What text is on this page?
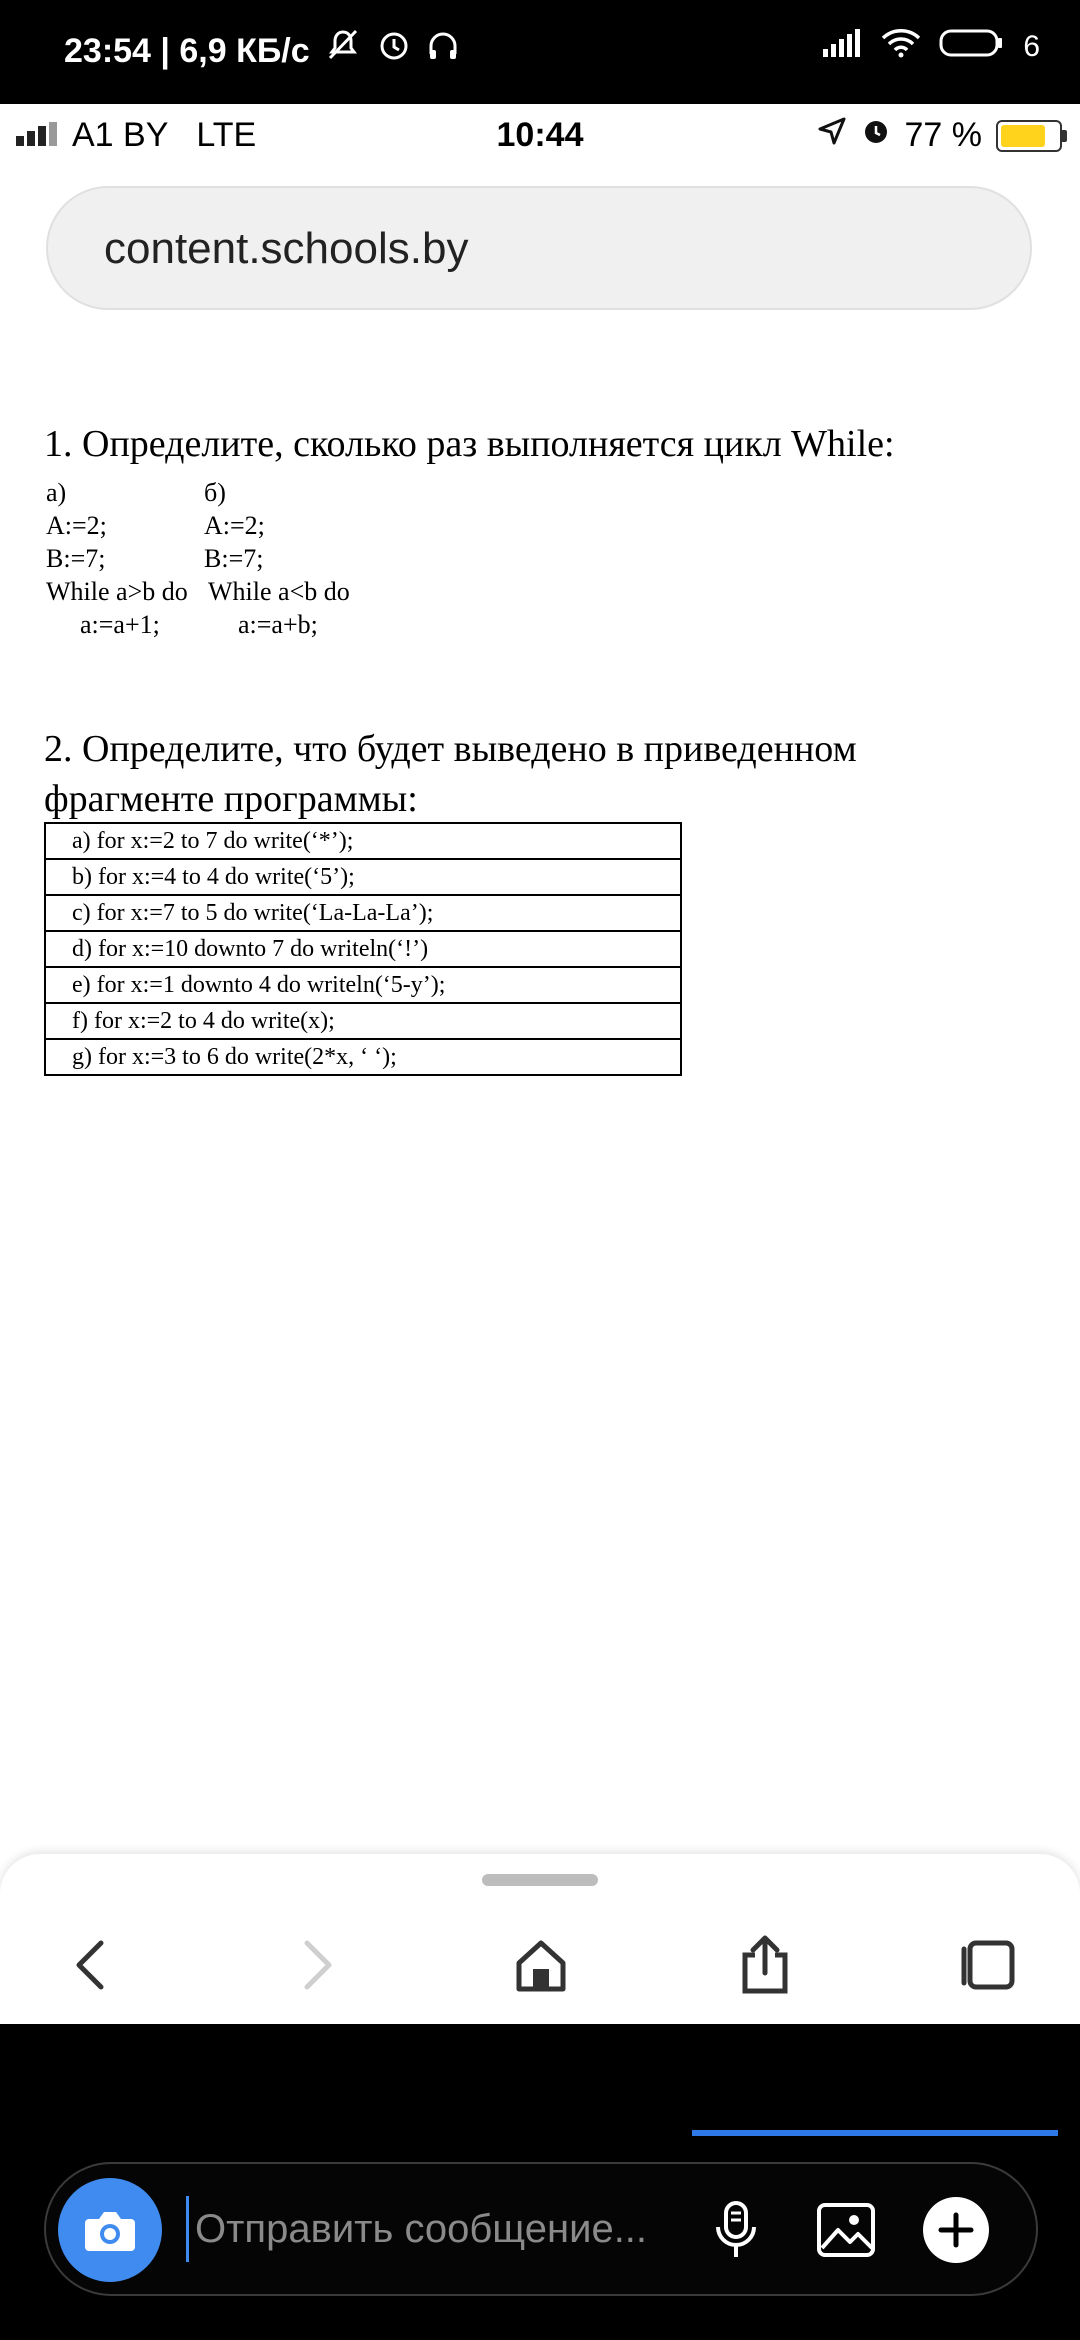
23:54 | 6,9 КБ/с	6
A1 BY LTE	10:44	77 %
content.schools.by
1. Определите, сколько раз выполняется цикл While:
а)
A:=2;
B:=7;
While a>b do
a:=a+1;
б)
A:=2;
B:=7;
While a<b do
a:=a+b;
2. Определите, что будет выведено в приведенном фрагменте программы:
a) for x:=2 to 7 do write(‘*’);
b) for x:=4 to 4 do write(‘5’);
c) for x:=7 to 5 do write(‘La-La-La’);
d) for x:=10 downto 7 do writeln(‘!’)
e) for x:=1 downto 4 do writeln(‘5-y’);
f) for x:=2 to 4 do write(x);
g) for x:=3 to 6 do write(2*x, ‘ ‘);
Отправить сообщение...
